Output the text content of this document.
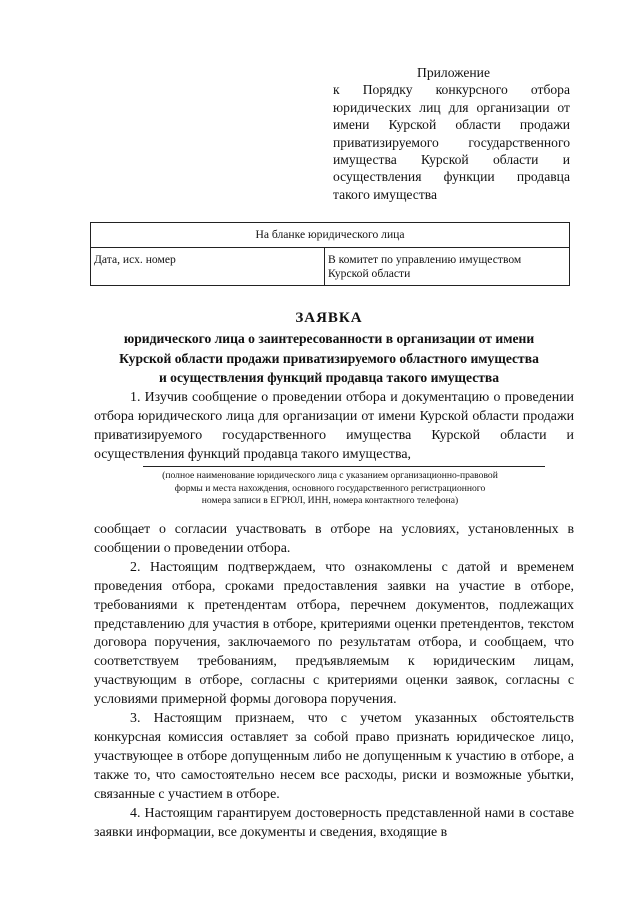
Приложение
к Порядку конкурсного отбора
юридических лиц для организации от
имени Курской области продажи
приватизируемого государственного
имущества Курской области и
осуществления функции продавца
такого имущества
На бланке юридического лица
Дата, исх. номер	В комитет по управлению имуществом
Курской области
ЗАЯВКА
юридического лица о заинтересованности в организации от имени
Курской области продажи приватизируемого областного имущества
и осуществления функций продавца такого имущества

1. Изучив сообщение о проведении отбора и документацию о проведении отбора юридического лица для организации от имени Курской области продажи приватизируемого государственного имущества Курской области и осуществления функций продавца такого имущества,

(полное наименование юридического лица с указанием организационно-правовой
формы и места нахождения, основного государственного регистрационного
номера записи в ЕГРЮЛ, ИНН, номера контактного телефона)

сообщает о согласии участвовать в отборе на условиях, установленных в сообщении о проведении отбора.

2. Настоящим подтверждаем, что ознакомлены с датой и временем проведения отбора, сроками предоставления заявки на участие в отборе, требованиями к претендентам отбора, перечнем документов, подлежащих представлению для участия в отборе, критериями оценки претендентов, текстом договора поручения, заключаемого по результатам отбора, и сообщаем, что соответствуем требованиям, предъявляемым к юридическим лицам, участвующим в отборе, согласны с критериями оценки заявок, согласны с условиями примерной формы договора поручения.

3. Настоящим признаем, что с учетом указанных обстоятельств конкурсная комиссия оставляет за собой право признать юридическое лицо, участвующее в отборе допущенным либо не допущенным к участию в отборе, а также то, что самостоятельно несем все расходы, риски и возможные убытки, связанные с участием в отборе.

4. Настоящим гарантируем достоверность представленной нами в составе заявки информации, все документы и сведения, входящие в
